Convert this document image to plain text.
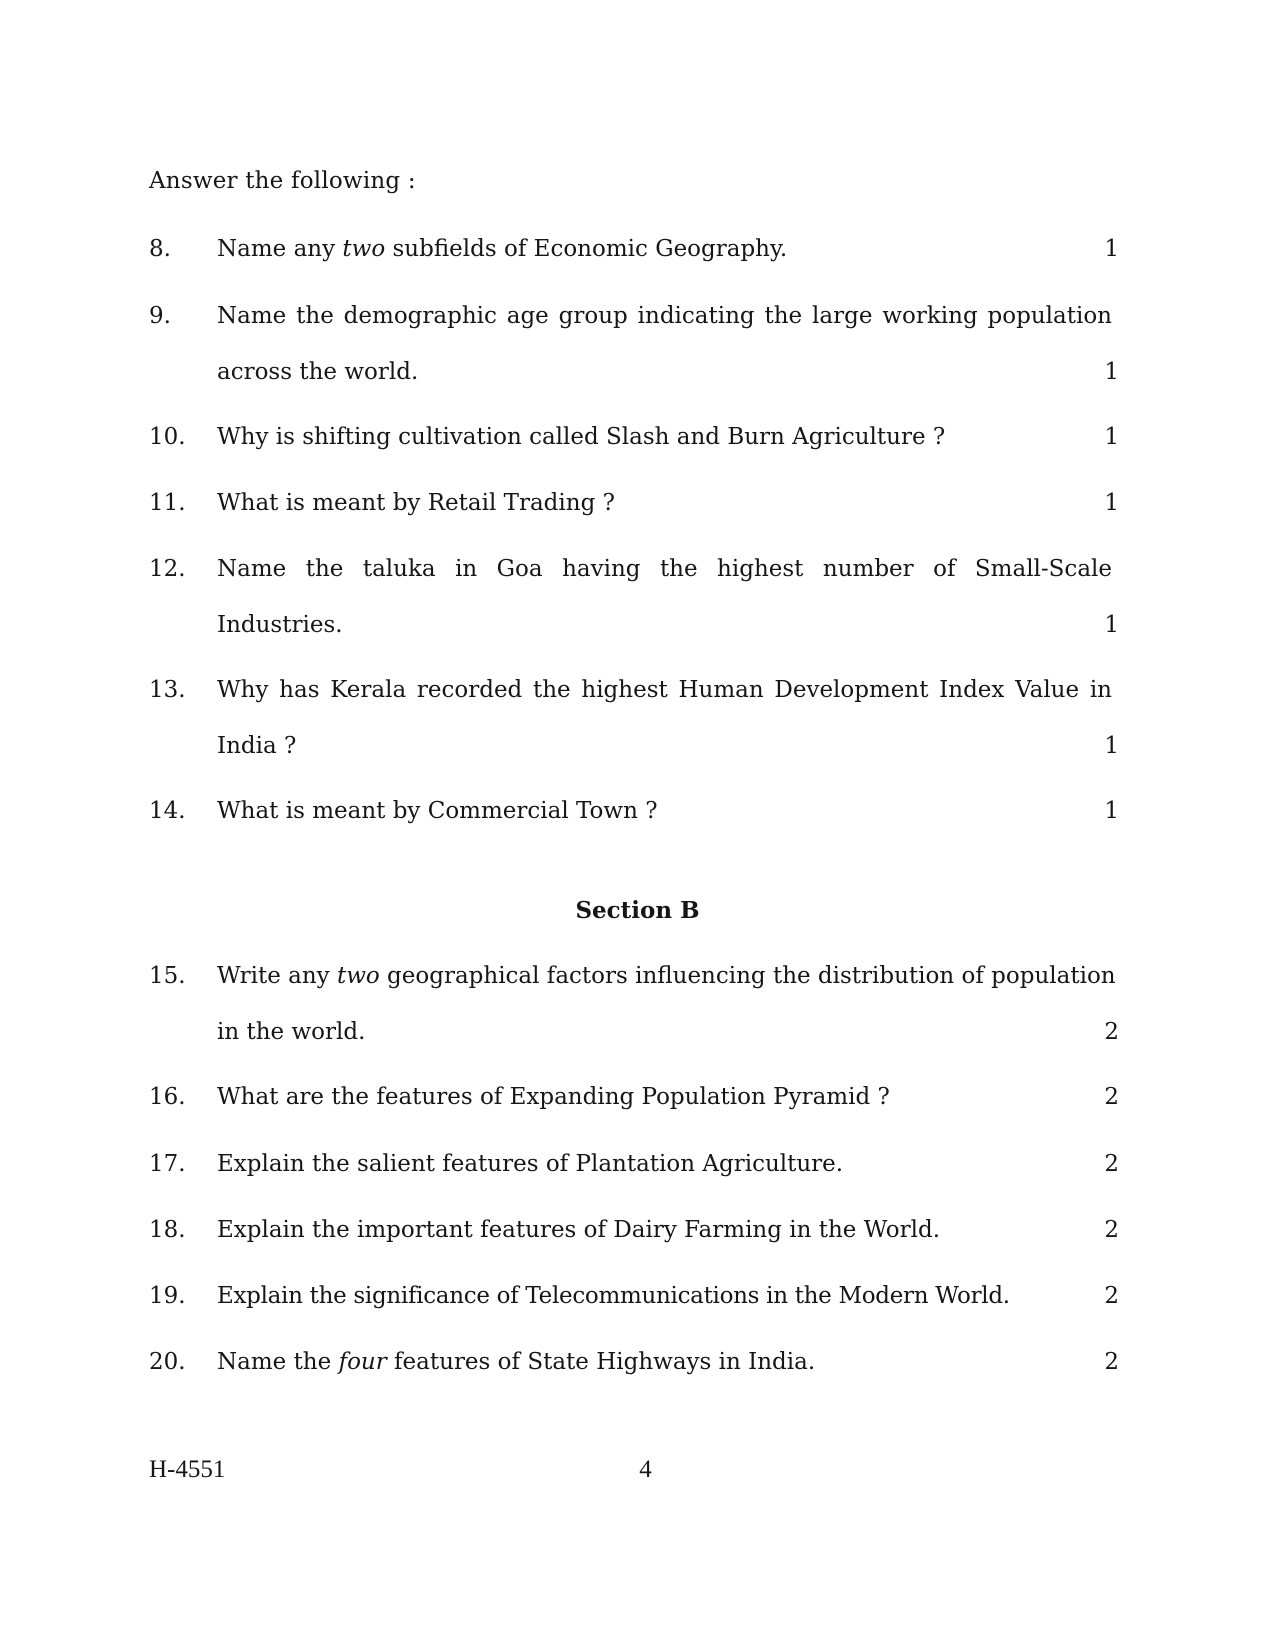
Answer the following :
8. Name any two subfields of Economic Geography.	1
9. Name the demographic age group indicating the large working population
across the world.	1
10. Why is shifting cultivation called Slash and Burn Agriculture ?	1
11. What is meant by Retail Trading ?	1
12. Name the taluka in Goa having the highest number of Small-Scale
Industries.	1
13. Why has Kerala recorded the highest Human Development Index Value in
India ?	1
14. What is meant by Commercial Town ?	1
Section B
15. Write any two geographical factors influencing the distribution of population
in the world.	2
16. What are the features of Expanding Population Pyramid ?	2
17. Explain the salient features of Plantation Agriculture.	2
18. Explain the important features of Dairy Farming in the World.	2
19. Explain the significance of Telecommunications in the Modern World.	2
20. Name the four features of State Highways in India.	2
H-4551	4
